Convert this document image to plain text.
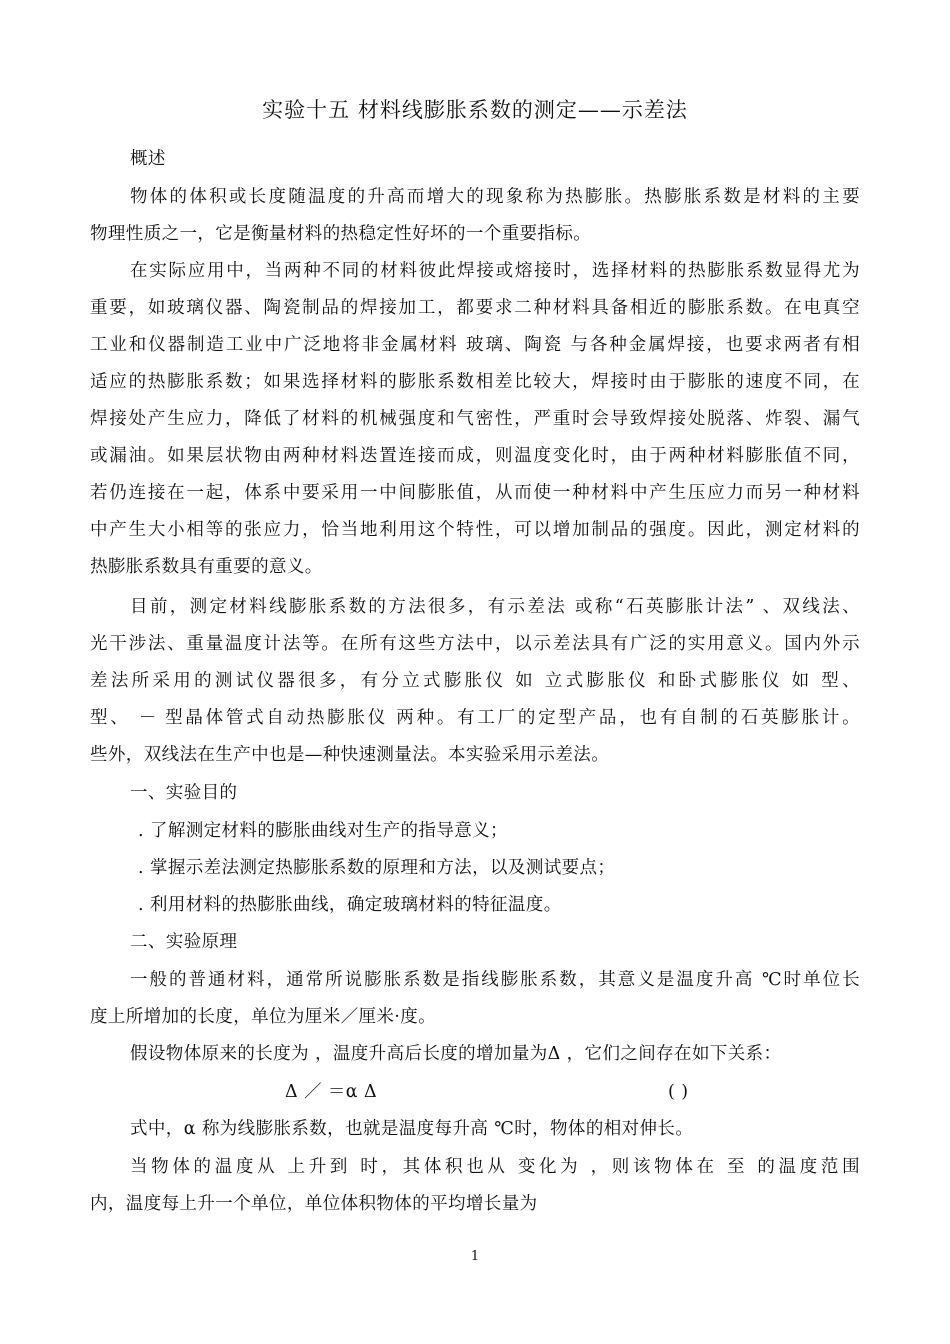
实验十五 材料线膨胀系数的测定——示差法
概述
物体的体积或长度随温度的升高而增大的现象称为热膨胀。热膨胀系数是材料的主要
物理性质之一，它是衡量材料的热稳定性好坏的一个重要指标。
在实际应用中，当两种不同的材料彼此焊接或熔接时，选择材料的热膨胀系数显得尤为
重要，如玻璃仪器、陶瓷制品的焊接加工，都要求二种材料具备相近的膨胀系数。在电真空
工业和仪器制造工业中广泛地将非金属材料 玻璃、陶瓷 与各种金属焊接，也要求两者有相
适应的热膨胀系数；如果选择材料的膨胀系数相差比较大，焊接时由于膨胀的速度不同，在
焊接处产生应力，降低了材料的机械强度和气密性，严重时会导致焊接处脱落、炸裂、漏气
或漏油。如果层状物由两种材料迭置连接而成，则温度变化时，由于两种材料膨胀值不同，
若仍连接在一起，体系中要采用一中间膨胀值，从而使一种材料中产生压应力而另一种材料
中产生大小相等的张应力，恰当地利用这个特性，可以增加制品的强度。因此，测定材料的
热膨胀系数具有重要的意义。
目前，测定材料线膨胀系数的方法很多，有示差法 或称“石英膨胀计法” 、双线法、
光干涉法、重量温度计法等。在所有这些方法中，以示差法具有广泛的实用意义。国内外示
差法所采用的测试仪器很多，有分立式膨胀仪 如 立式膨胀仪 和卧式膨胀仪 如 型、
型、 － 型晶体管式自动热膨胀仪 两种。有工厂的定型产品，也有自制的石英膨胀计。
些外，双线法在生产中也是—种快速测量法。本实验采用示差法。
一、实验目的
. 了解测定材料的膨胀曲线对生产的指导意义；
. 掌握示差法测定热膨胀系数的原理和方法，以及测试要点；
. 利用材料的热膨胀曲线，确定玻璃材料的特征温度。
二、实验原理
一般的普通材料，通常所说膨胀系数是指线膨胀系数，其意义是温度升高 ℃时单位长
度上所增加的长度，单位为厘米／厘米·度。
假设物体原来的长度为 ，温度升高后长度的增加量为Δ ，它们之间存在如下关系：
Δ ／ ＝α Δ	( )
式中，α 称为线膨胀系数，也就是温度每升高 ℃时，物体的相对伸长。
当物体的温度从 上升到 时，其体积也从 变化为 ，则该物体在 至 的温度范围
内，温度每上升一个单位，单位体积物体的平均增长量为
1
